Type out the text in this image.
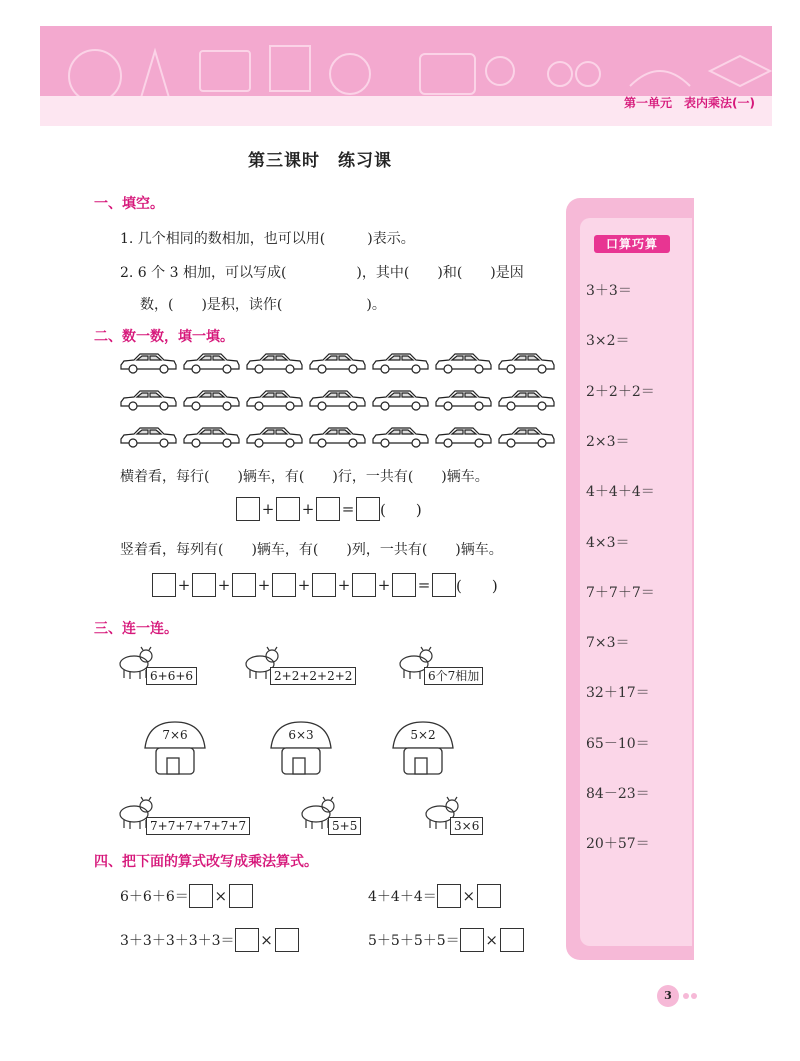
第一单元　表内乘法(一)
第三课时　练习课
一、填空。
1. 几个相同的数相加，也可以用(　　　)表示。
2. 6 个 3 相加，可以写成(　　　　　)，其中(　　)和(　　)是因
数，(　　)是积，读作(　　　　　　)。
二、数一数，填一填。
横着看，每行(　　)辆车，有(　　)行，一共有(　　)辆车。
+ + = (　　)
竖着看，每列有(　　)辆车，有(　　)列，一共有(　　)辆车。
+ + + + + + = (　　)
三、连一连。
6+6+6	2+2+2+2+2	6个7相加
7×6	6×3	5×2
7+7+7+7+7+7	5+5	3×6
四、把下面的算式改写成乘法算式。
6＋6＋6＝ ×	4＋4＋4＝ ×
3＋3＋3＋3＋3＝ ×	5＋5＋5＋5＝ ×
口算巧算
3＋3＝
3×2＝
2＋2＋2＝
2×3＝
4＋4＋4＝
4×3＝
7＋7＋7＝
7×3＝
32＋17＝
65－10＝
84－23＝
20＋57＝
3
